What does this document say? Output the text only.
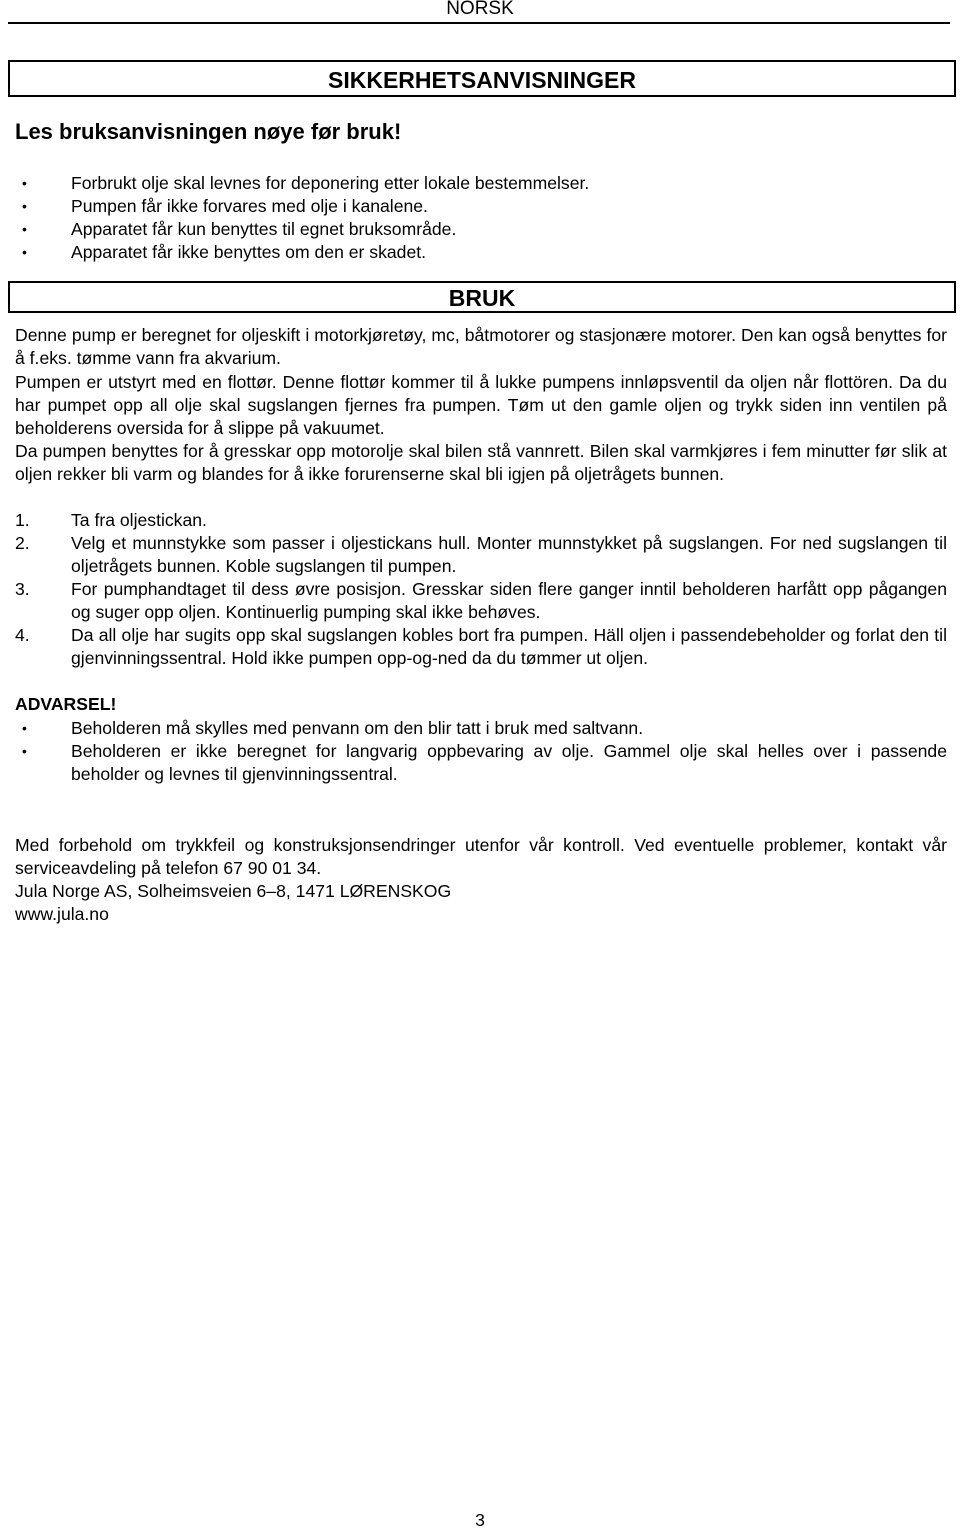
NORSK
SIKKERHETSANVISNINGER
Les bruksanvisningen nøye før bruk!
• Forbrukt olje skal levnes for deponering etter lokale bestemmelser.
• Pumpen får ikke forvares med olje i kanalene.
• Apparatet får kun benyttes til egnet bruksområde.
• Apparatet får ikke benyttes om den er skadet.
BRUK
Denne pump er beregnet for oljeskift i motorkjøretøy, mc, båtmotorer og stasjonære motorer. Den kan også benyttes for å f.eks. tømme vann fra akvarium.
Pumpen er utstyrt med en flottør. Denne flottør kommer til å lukke pumpens innløpsventil da oljen når flottören. Da du har pumpet opp all olje skal sugslangen fjernes fra pumpen. Tøm ut den gamle oljen og trykk siden inn ventilen på beholderens oversida for å slippe på vakuumet.
Da pumpen benyttes for å gresskar opp motorolje skal bilen stå vannrett. Bilen skal varmkjøres i fem minutter før slik at oljen rekker bli varm og blandes for å ikke forurenserne skal bli igjen på oljetrågets bunnen.
1. Ta fra oljestickan.
2. Velg et munnstykke som passer i oljestickans hull. Monter munnstykket på sugslangen. For ned sugslangen til oljetrågets bunnen. Koble sugslangen til pumpen.
3. For pumphandtaget til dess øvre posisjon. Gresskar siden flere ganger inntil beholderen harfått opp pågangen og suger opp oljen. Kontinuerlig pumping skal ikke behøves.
4. Da all olje har sugits opp skal sugslangen kobles bort fra pumpen. Häll oljen i passendebeholder og forlat den til gjenvinningssentral. Hold ikke pumpen opp-og-ned da du tømmer ut oljen.
ADVARSEL!
• Beholderen må skylles med penvann om den blir tatt i bruk med saltvann.
• Beholderen er ikke beregnet for langvarig oppbevaring av olje. Gammel olje skal helles over i passende beholder og levnes til gjenvinningssentral.
Med forbehold om trykkfeil og konstruksjonsendringer utenfor vår kontroll. Ved eventuelle problemer, kontakt vår serviceavdeling på telefon 67 90 01 34.
Jula Norge AS, Solheimsveien 6–8, 1471 LØRENSKOG
www.jula.no
3
